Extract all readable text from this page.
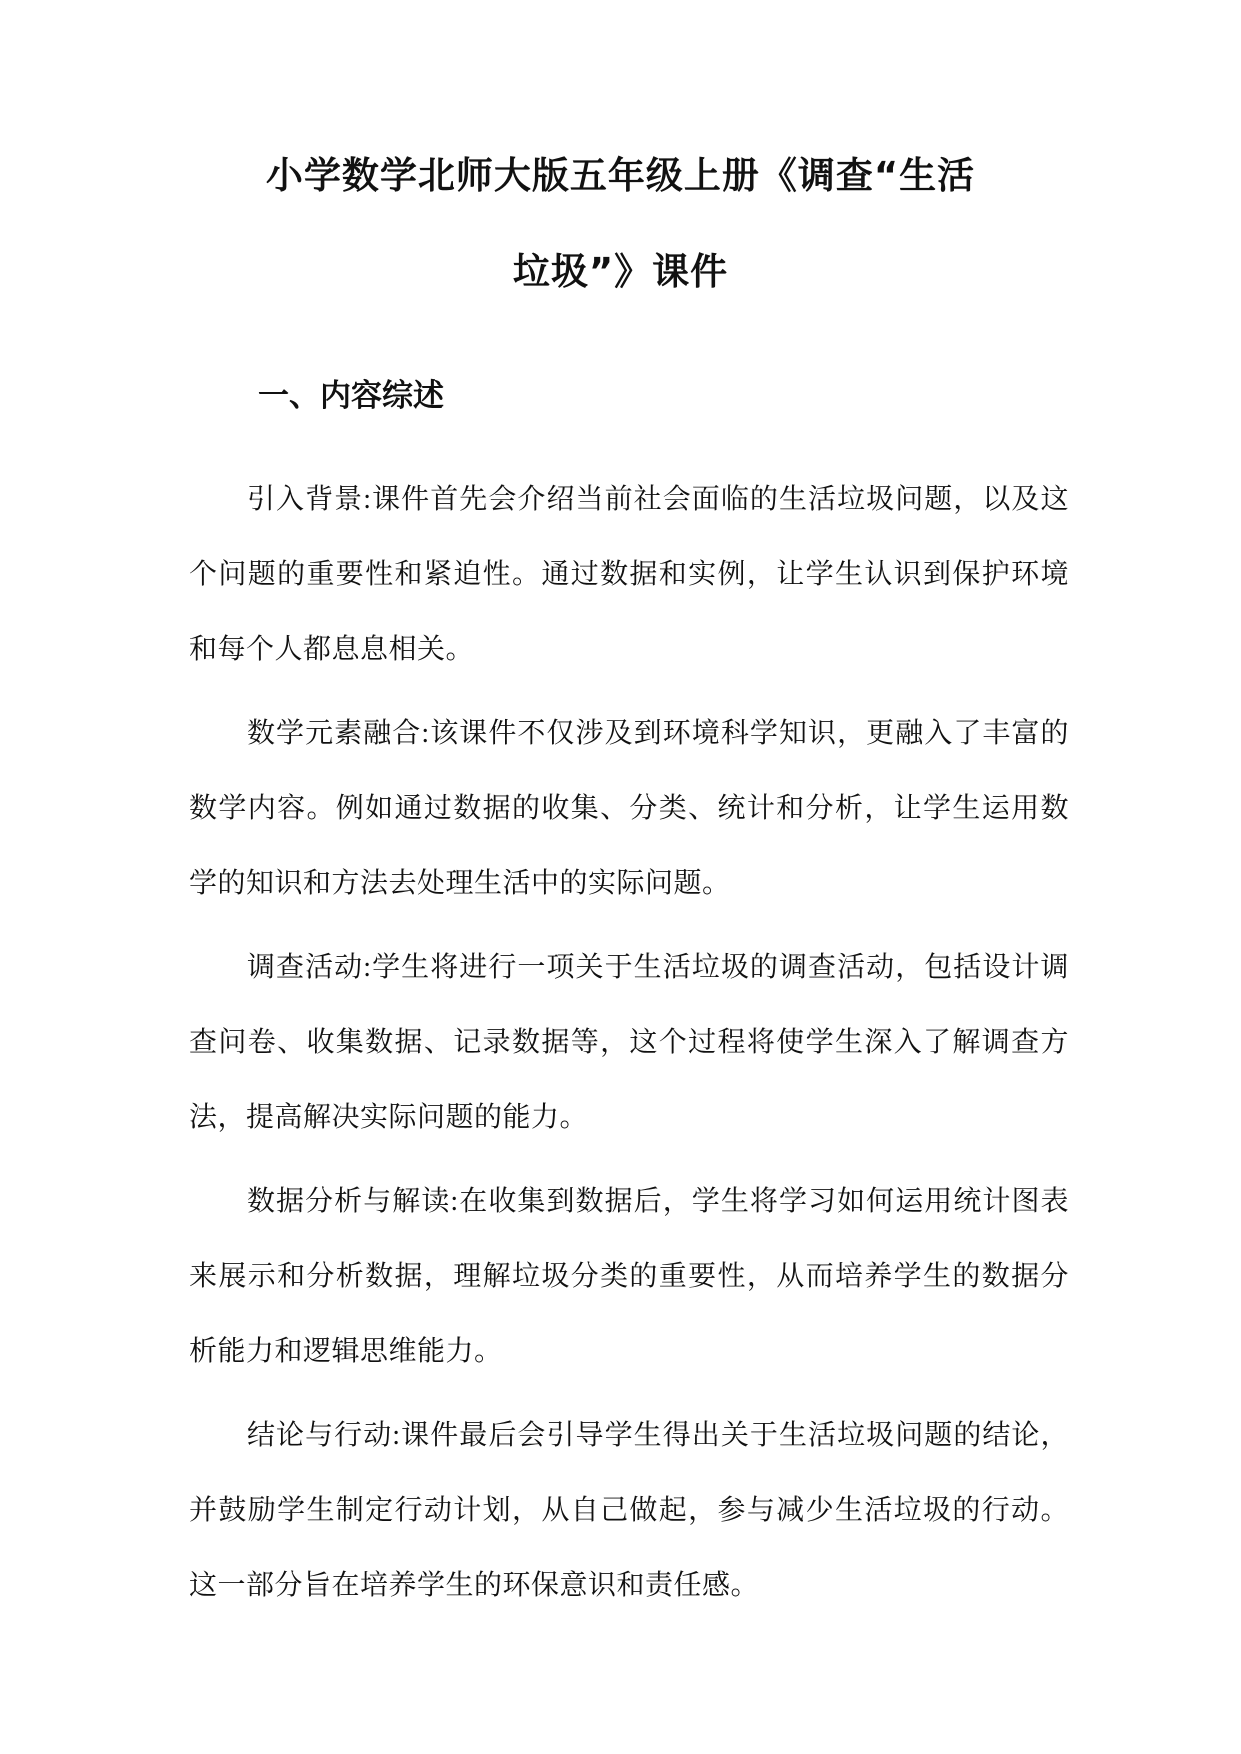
小学数学北师大版五年级上册《调查“生活
垃圾”》课件
一、内容综述

引入背景:课件首先会介绍当前社会面临的生活垃圾问题，以及这个问题的重要性和紧迫性。通过数据和实例，让学生认识到保护环境和每个人都息息相关。

数学元素融合:该课件不仅涉及到环境科学知识，更融入了丰富的数学内容。例如通过数据的收集、分类、统计和分析，让学生运用数学的知识和方法去处理生活中的实际问题。

调查活动:学生将进行一项关于生活垃圾的调查活动，包括设计调查问卷、收集数据、记录数据等，这个过程将使学生深入了解调查方法，提高解决实际问题的能力。

数据分析与解读:在收集到数据后，学生将学习如何运用统计图表来展示和分析数据，理解垃圾分类的重要性，从而培养学生的数据分析能力和逻辑思维能力。

结论与行动:课件最后会引导学生得出关于生活垃圾问题的结论，并鼓励学生制定行动计划，从自己做起，参与减少生活垃圾的行动。这一部分旨在培养学生的环保意识和责任感。
